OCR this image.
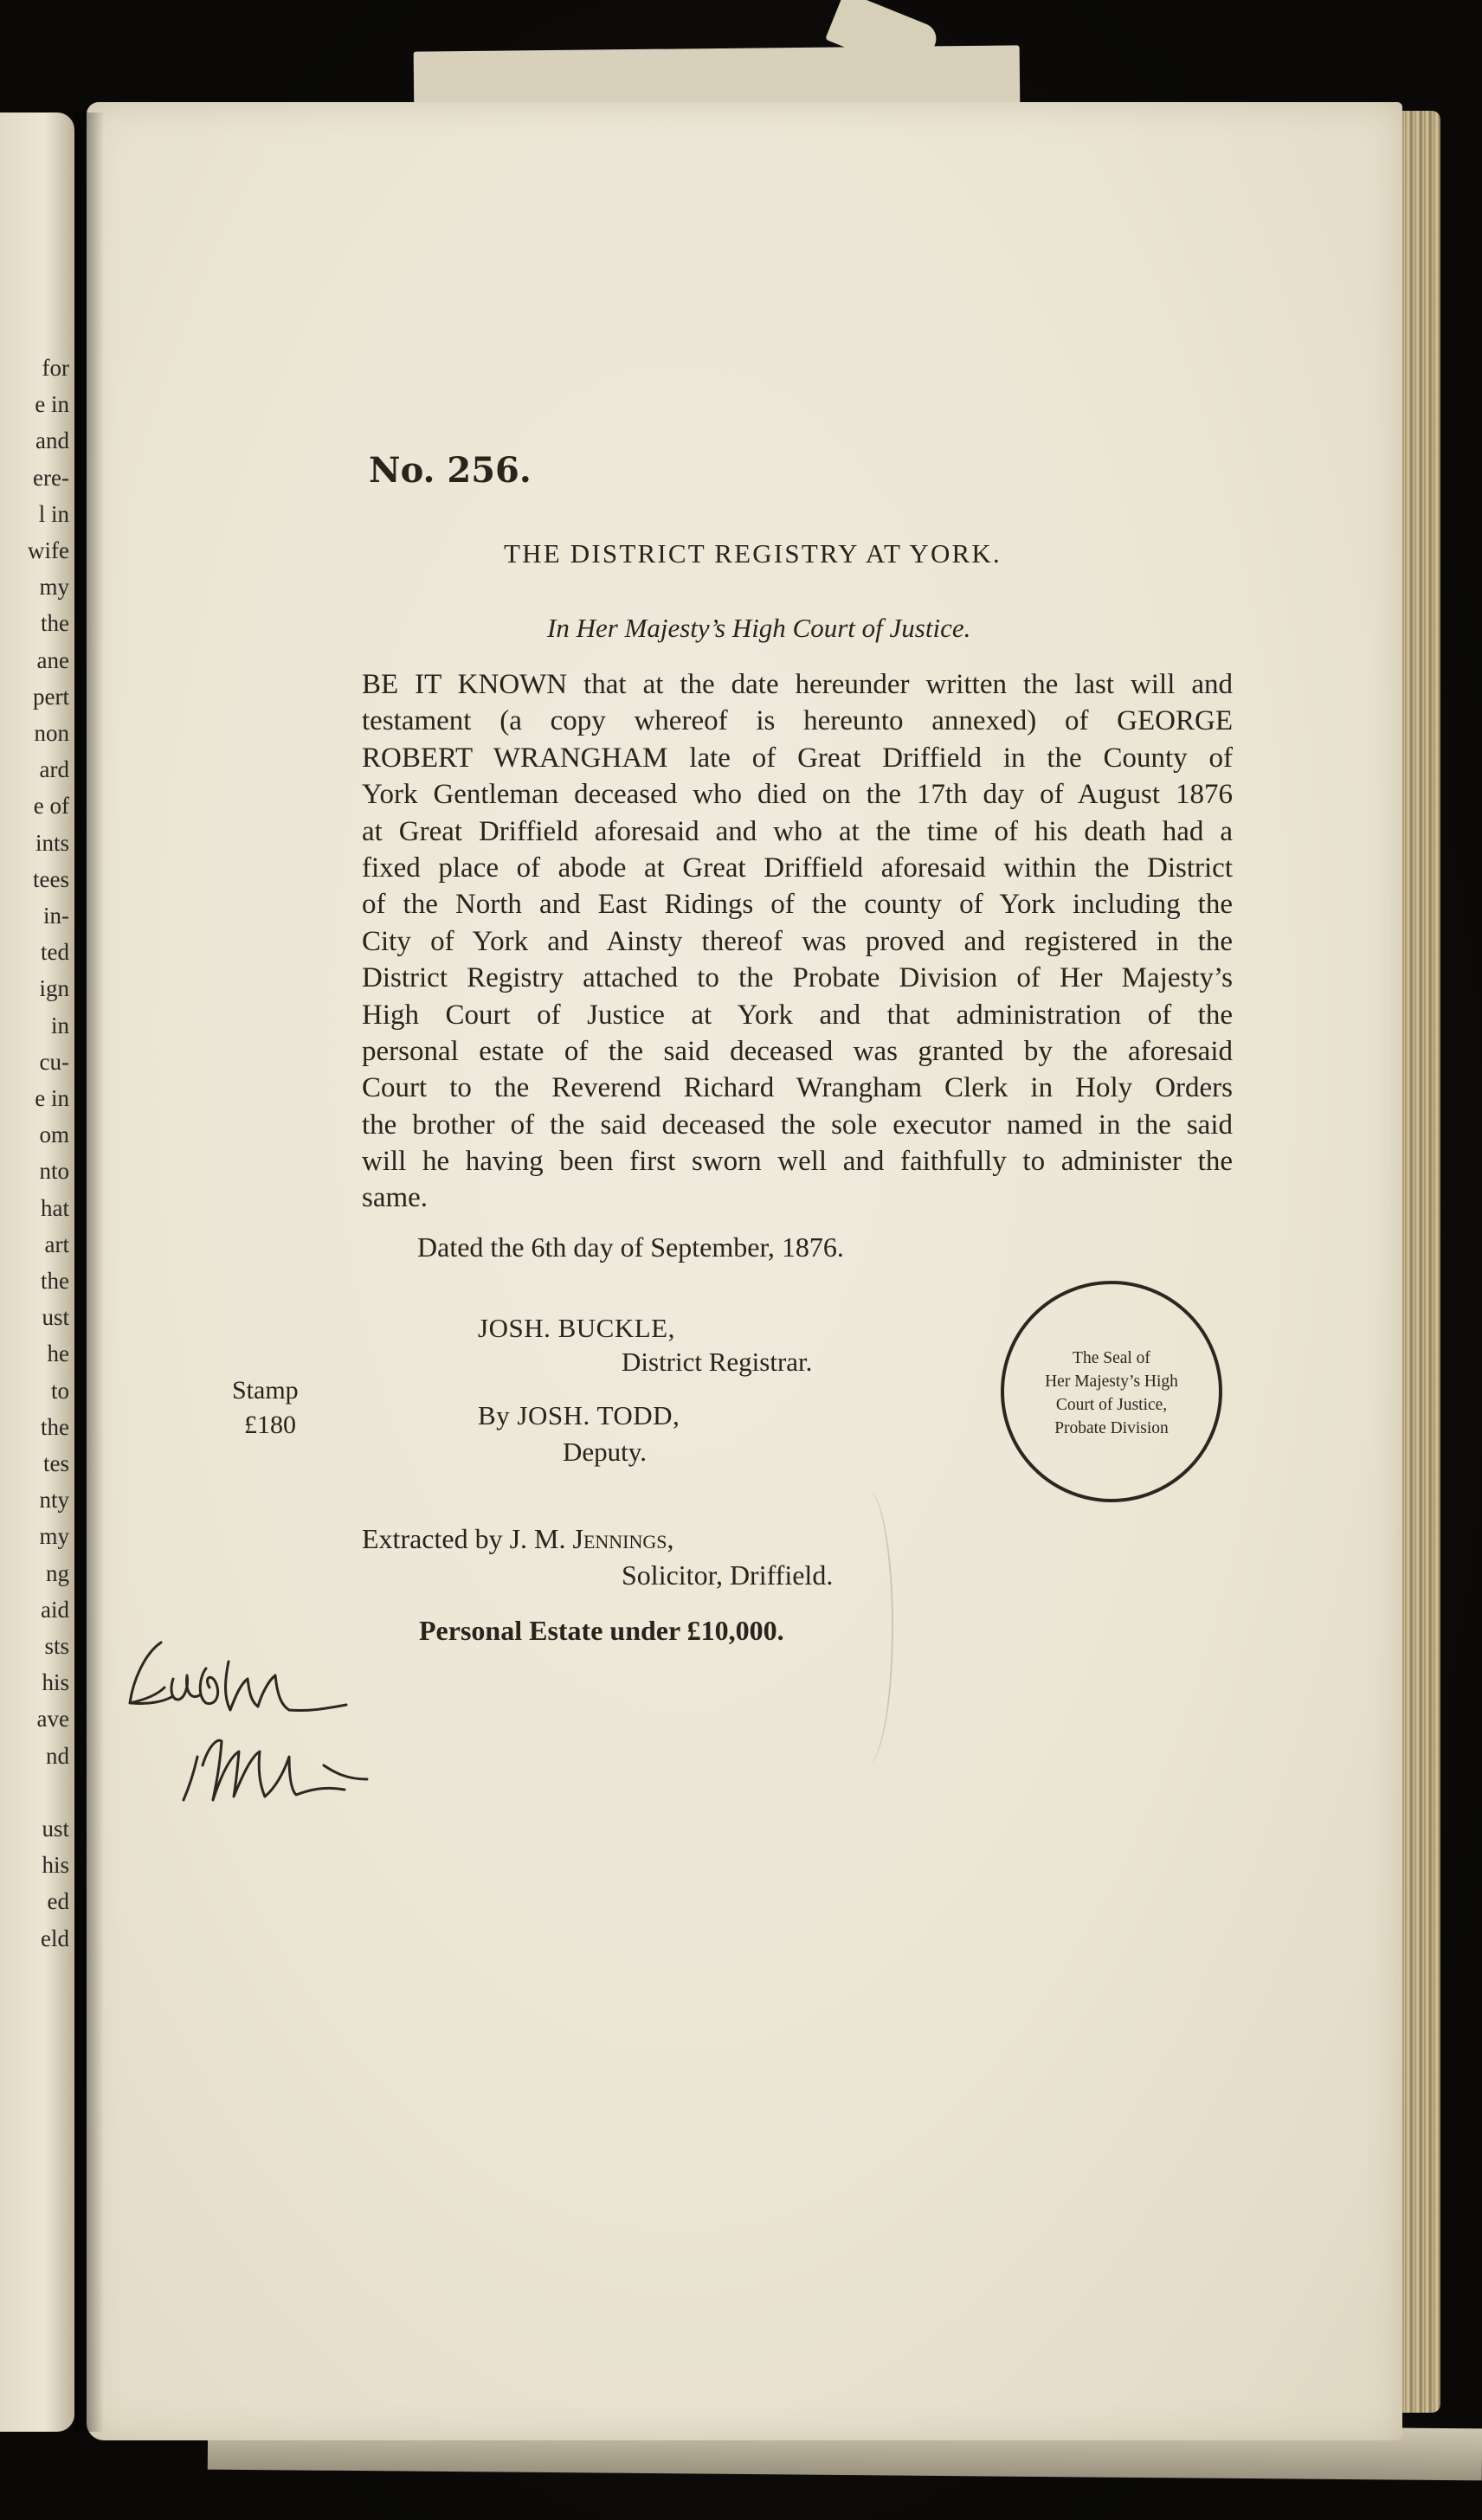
for
e in
and
ere-
l in
wife
my
the
ane
pert
non
ard
e of
ints
tees
in-
ted
ign
in
cu-
e in
om
nto
hat
art
the
ust
he
to
the
tes
nty
my
ng
aid
sts
his
ave
nd
ust
his
ed
eld
No. 256.
THE DISTRICT REGISTRY AT YORK.
In Her Majesty’s High Court of Justice.
BE IT KNOWN that at the date hereunder written the last will and
testament (a copy whereof is hereunto annexed) of GEORGE
ROBERT WRANGHAM late of Great Driffield in the County of
York Gentleman deceased who died on the 17th day of August 1876
at Great Driffield aforesaid and who at the time of his death had a
fixed place of abode at Great Driffield aforesaid within the District
of the North and East Ridings of the county of York including the
City of York and Ainsty thereof was proved and registered in the
District Registry attached to the Probate Division of Her Majesty’s
High Court of Justice at York and that administration of the
personal estate of the said deceased was granted by the aforesaid
Court to the Reverend Richard Wrangham Clerk in Holy Orders
the brother of the said deceased the sole executor named in the said
will he having been first sworn well and faithfully to administer the
same.
Dated the 6th day of September, 1876.
JOSH. BUCKLE,
District Registrar.
By JOSH. TODD,
Deputy.
Stamp
£180
Extracted by J. M. Jennings,
Solicitor, Driffield.
Personal Estate under £10,000.
The Seal of
Her Majesty’s High
Court of Justice,
Probate Division
